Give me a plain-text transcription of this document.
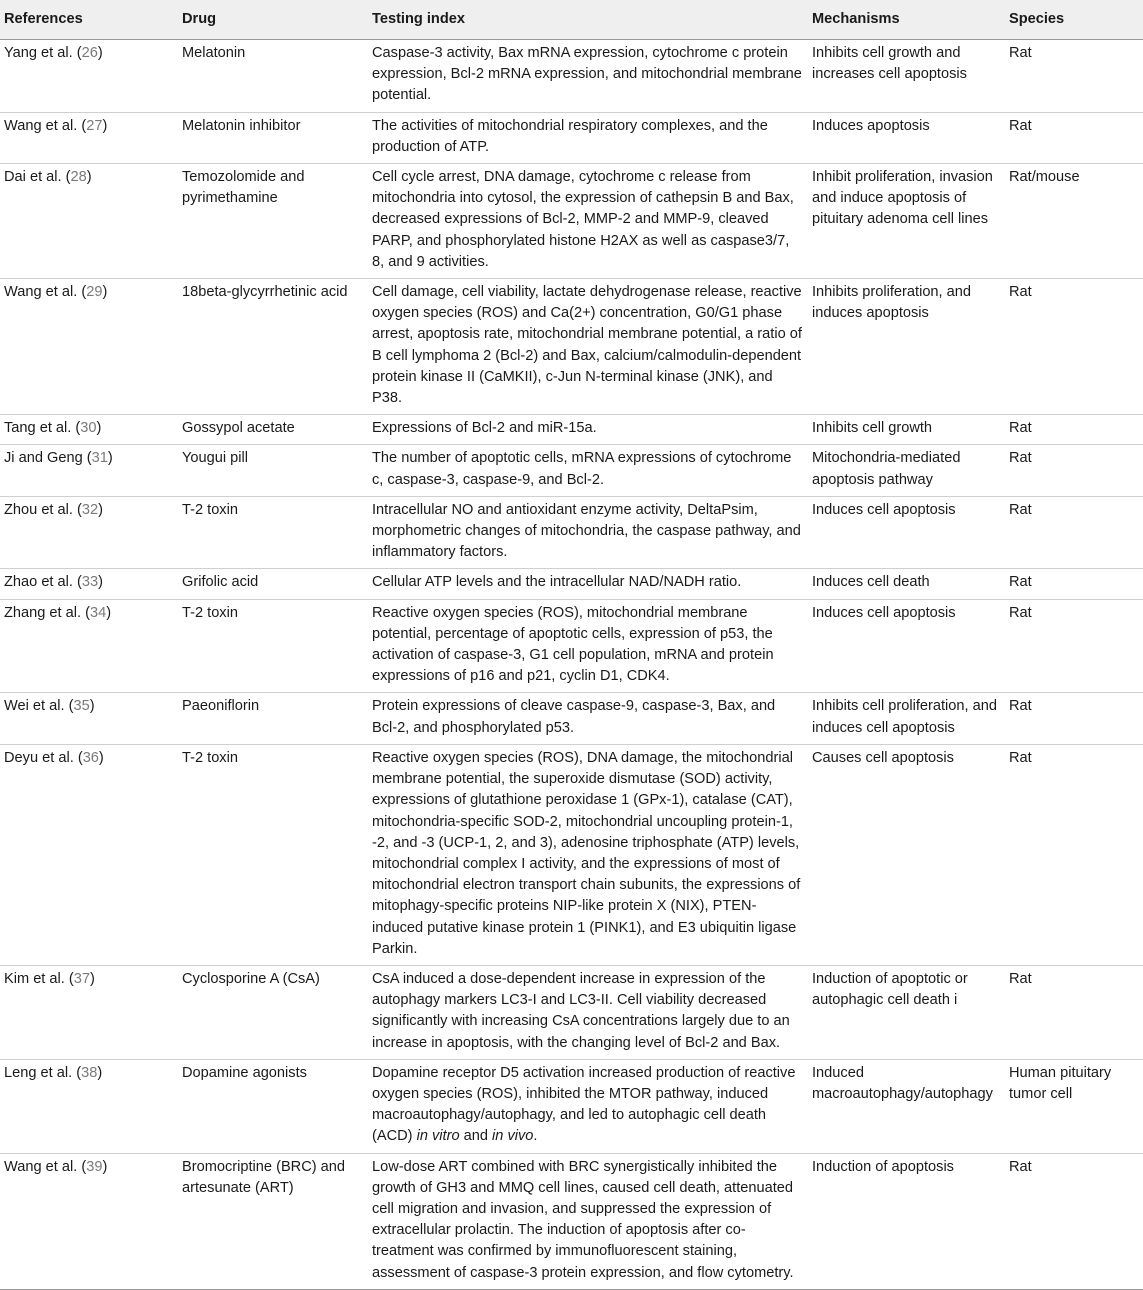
References	Drug	Testing index	Mechanisms	Species
Yang et al. (26)	Melatonin	Caspase-3 activity, Bax mRNA expression, cytochrome c protein expression, Bcl-2 mRNA expression, and mitochondrial membrane potential.	Inhibits cell growth and increases cell apoptosis	Rat
Wang et al. (27)	Melatonin inhibitor	The activities of mitochondrial respiratory complexes, and the production of ATP.	Induces apoptosis	Rat
Dai et al. (28)	Temozolomide and pyrimethamine	Cell cycle arrest, DNA damage, cytochrome c release from mitochondria into cytosol, the expression of cathepsin B and Bax, decreased expressions of Bcl-2, MMP-2 and MMP-9, cleaved PARP, and phosphorylated histone H2AX as well as caspase3/7, 8, and 9 activities.	Inhibit proliferation, invasion and induce apoptosis of pituitary adenoma cell lines	Rat/mouse
Wang et al. (29)	18beta-glycyrrhetinic acid	Cell damage, cell viability, lactate dehydrogenase release, reactive oxygen species (ROS) and Ca(2+) concentration, G0/G1 phase arrest, apoptosis rate, mitochondrial membrane potential, a ratio of B cell lymphoma 2 (Bcl-2) and Bax, calcium/calmodulin-dependent protein kinase II (CaMKII), c-Jun N-terminal kinase (JNK), and P38.	Inhibits proliferation, and induces apoptosis	Rat
Tang et al. (30)	Gossypol acetate	Expressions of Bcl-2 and miR-15a.	Inhibits cell growth	Rat
Ji and Geng (31)	Yougui pill	The number of apoptotic cells, mRNA expressions of cytochrome c, caspase-3, caspase-9, and Bcl-2.	Mitochondria-mediated apoptosis pathway	Rat
Zhou et al. (32)	T-2 toxin	Intracellular NO and antioxidant enzyme activity, DeltaPsim, morphometric changes of mitochondria, the caspase pathway, and inflammatory factors.	Induces cell apoptosis	Rat
Zhao et al. (33)	Grifolic acid	Cellular ATP levels and the intracellular NAD/NADH ratio.	Induces cell death	Rat
Zhang et al. (34)	T-2 toxin	Reactive oxygen species (ROS), mitochondrial membrane potential, percentage of apoptotic cells, expression of p53, the activation of caspase-3, G1 cell population, mRNA and protein expressions of p16 and p21, cyclin D1, CDK4.	Induces cell apoptosis	Rat
Wei et al. (35)	Paeoniflorin	Protein expressions of cleave caspase-9, caspase-3, Bax, and Bcl-2, and phosphorylated p53.	Inhibits cell proliferation, and induces cell apoptosis	Rat
Deyu et al. (36)	T-2 toxin	Reactive oxygen species (ROS), DNA damage, the mitochondrial membrane potential, the superoxide dismutase (SOD) activity, expressions of glutathione peroxidase 1 (GPx-1), catalase (CAT), mitochondria-specific SOD-2, mitochondrial uncoupling protein-1, -2, and -3 (UCP-1, 2, and 3), adenosine triphosphate (ATP) levels, mitochondrial complex I activity, and the expressions of most of mitochondrial electron transport chain subunits, the expressions of mitophagy-specific proteins NIP-like protein X (NIX), PTEN-induced putative kinase protein 1 (PINK1), and E3 ubiquitin ligase Parkin.	Causes cell apoptosis	Rat
Kim et al. (37)	Cyclosporine A (CsA)	CsA induced a dose-dependent increase in expression of the autophagy markers LC3-I and LC3-II. Cell viability decreased significantly with increasing CsA concentrations largely due to an increase in apoptosis, with the changing level of Bcl-2 and Bax.	Induction of apoptotic or autophagic cell death i	Rat
Leng et al. (38)	Dopamine agonists	Dopamine receptor D5 activation increased production of reactive oxygen species (ROS), inhibited the MTOR pathway, induced macroautophagy/autophagy, and led to autophagic cell death (ACD) in vitro and in vivo.	Induced macroautophagy/autophagy	Human pituitary tumor cell
Wang et al. (39)	Bromocriptine (BRC) and artesunate (ART)	Low-dose ART combined with BRC synergistically inhibited the growth of GH3 and MMQ cell lines, caused cell death, attenuated cell migration and invasion, and suppressed the expression of extracellular prolactin. The induction of apoptosis after co-treatment was confirmed by immunofluorescent staining, assessment of caspase-3 protein expression, and flow cytometry.	Induction of apoptosis	Rat
